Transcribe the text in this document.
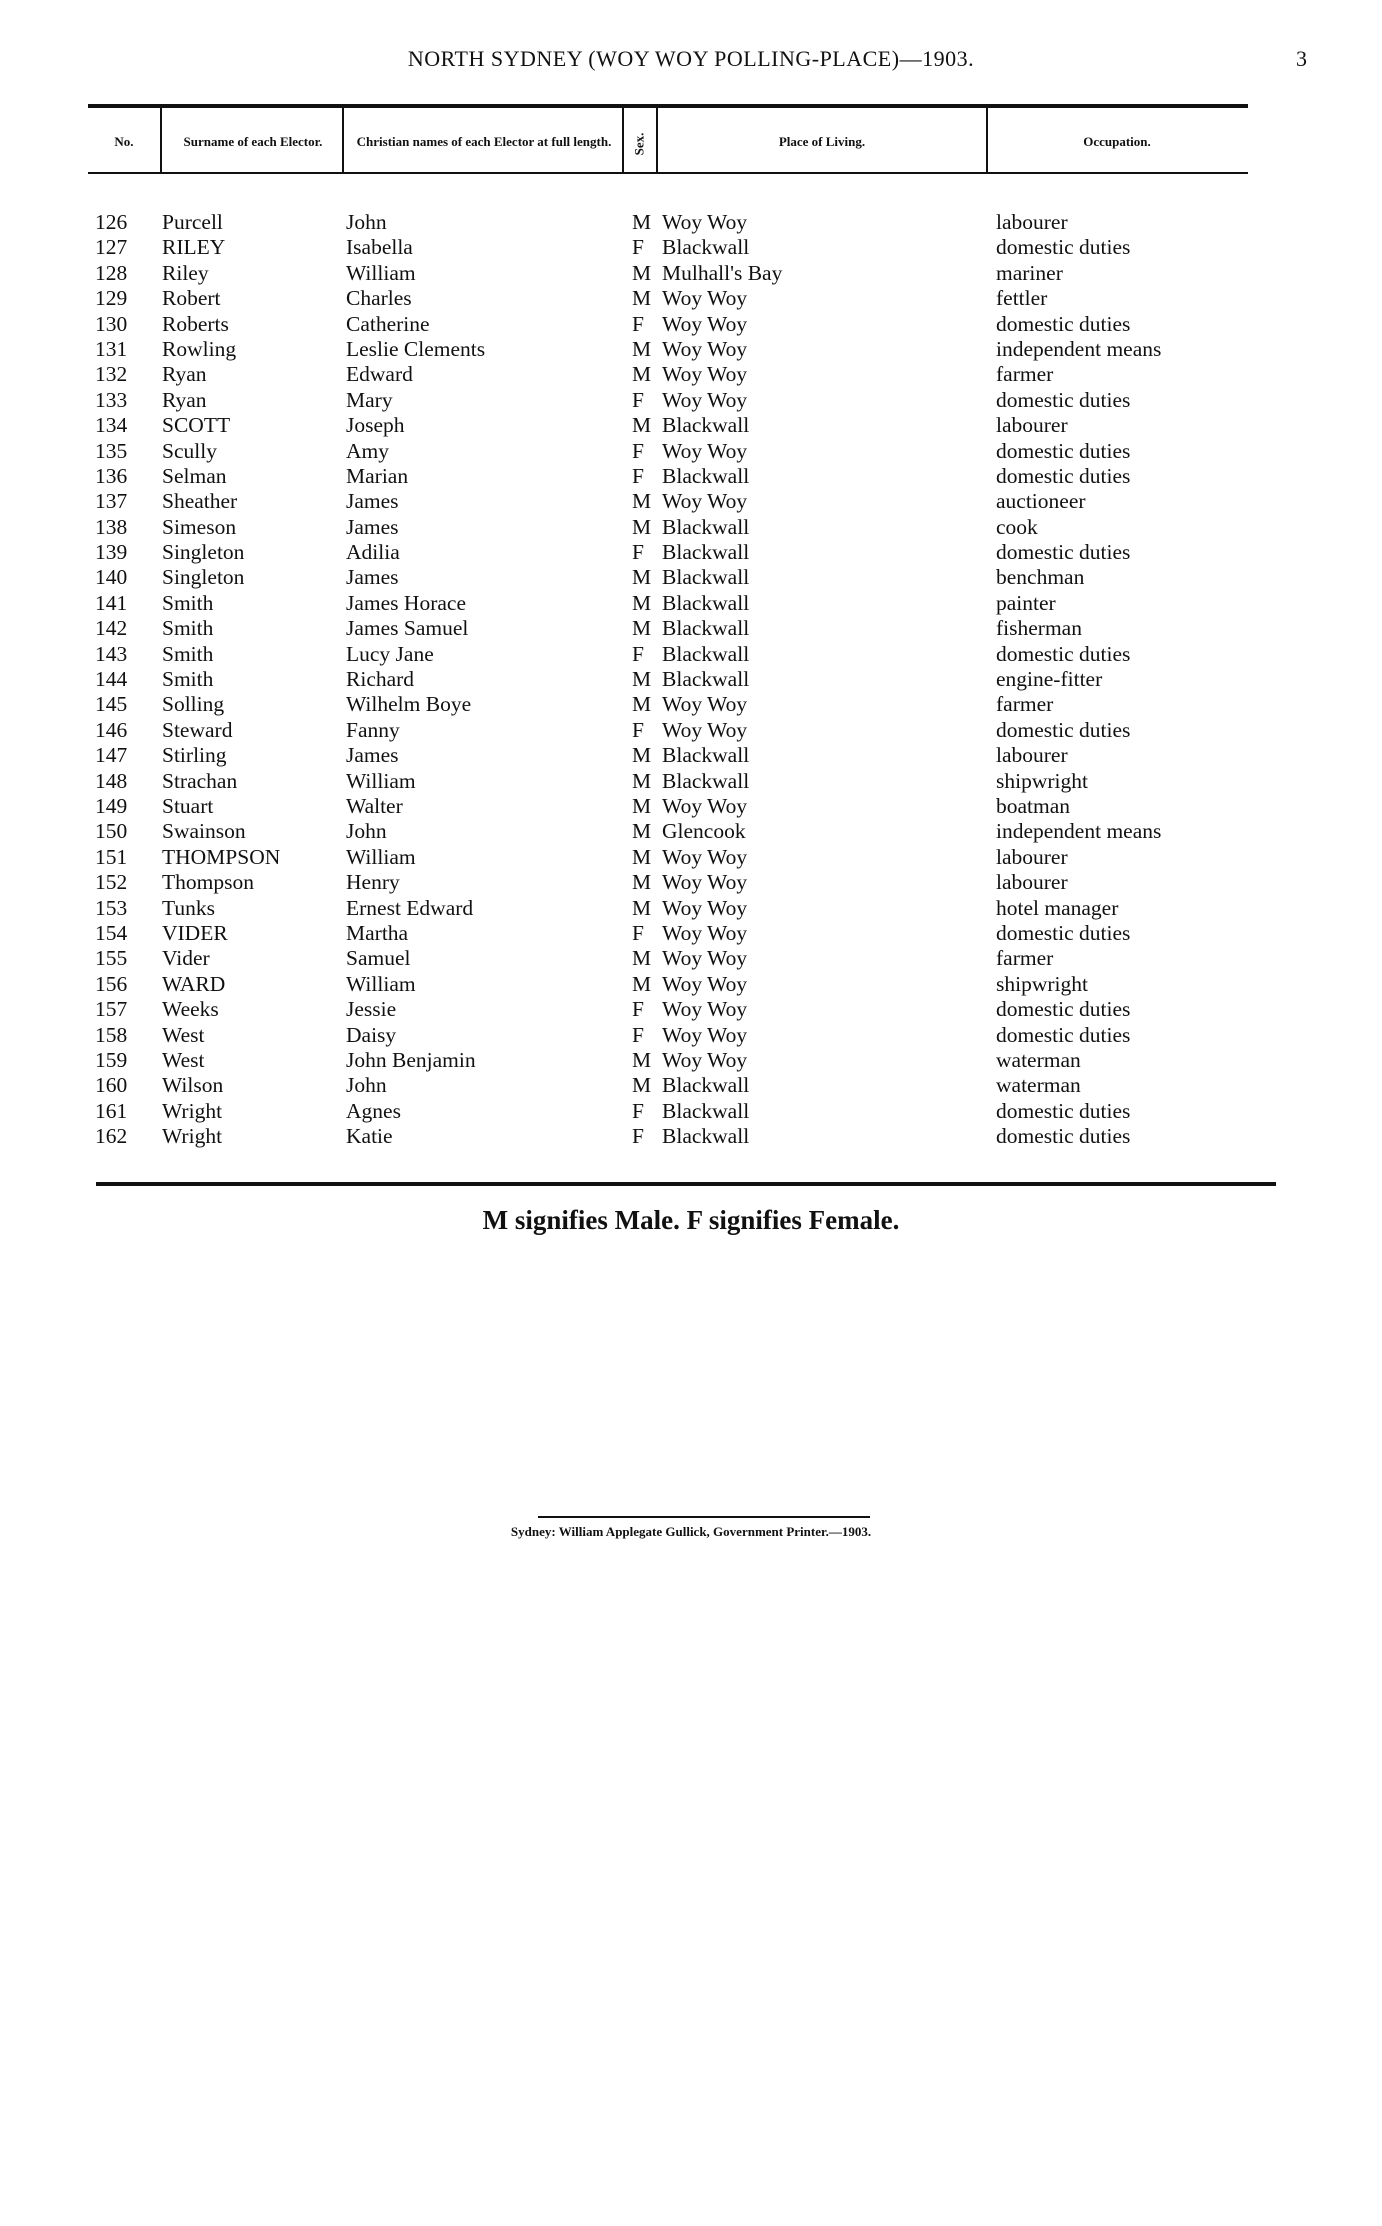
NORTH SYDNEY (WOY WOY POLLING-PLACE)—1903.	3
No.	Surname of each Elector.	Christian names of each Elector at full length.	Sex.	Place of Living.	Occupation.
126 Purcell	John	M Woy Woy	labourer
127 RILEY	Isabella	F Blackwall	domestic duties
128 Riley	William	M Mulhall's Bay	mariner
129 Robert	Charles	M Woy Woy	fettler
130 Roberts	Catherine	F Woy Woy	domestic duties
131 Rowling	Leslie Clements	M Woy Woy	independent means
132 Ryan	Edward	M Woy Woy	farmer
133 Ryan	Mary	F Woy Woy	domestic duties
134 SCOTT	Joseph	M Blackwall	labourer
135 Scully	Amy	F Woy Woy	domestic duties
136 Selman	Marian	F Blackwall	domestic duties
137 Sheather	James	M Woy Woy	auctioneer
138 Simeson	James	M Blackwall	cook
139 Singleton	Adilia	F Blackwall	domestic duties
140 Singleton	James	M Blackwall	benchman
141 Smith	James Horace	M Blackwall	painter
142 Smith	James Samuel	M Blackwall	fisherman
143 Smith	Lucy Jane	F Blackwall	domestic duties
144 Smith	Richard	M Blackwall	engine-fitter
145 Solling	Wilhelm Boye	M Woy Woy	farmer
146 Steward	Fanny	F Woy Woy	domestic duties
147 Stirling	James	M Blackwall	labourer
148 Strachan	William	M Blackwall	shipwright
149 Stuart	Walter	M Woy Woy	boatman
150 Swainson	John	M Glencook	independent means
151 THOMPSON	William	M Woy Woy	labourer
152 Thompson	Henry	M Woy Woy	labourer
153 Tunks	Ernest Edward	M Woy Woy	hotel manager
154 VIDER	Martha	F Woy Woy	domestic duties
155 Vider	Samuel	M Woy Woy	farmer
156 WARD	William	M Woy Woy	shipwright
157 Weeks	Jessie	F Woy Woy	domestic duties
158 West	Daisy	F Woy Woy	domestic duties
159 West	John Benjamin	M Woy Woy	waterman
160 Wilson	John	M Blackwall	waterman
161 Wright	Agnes	F Blackwall	domestic duties
162 Wright	Katie	F Blackwall	domestic duties
M signifies Male. F signifies Female.
Sydney: William Applegate Gullick, Government Printer.—1903.
